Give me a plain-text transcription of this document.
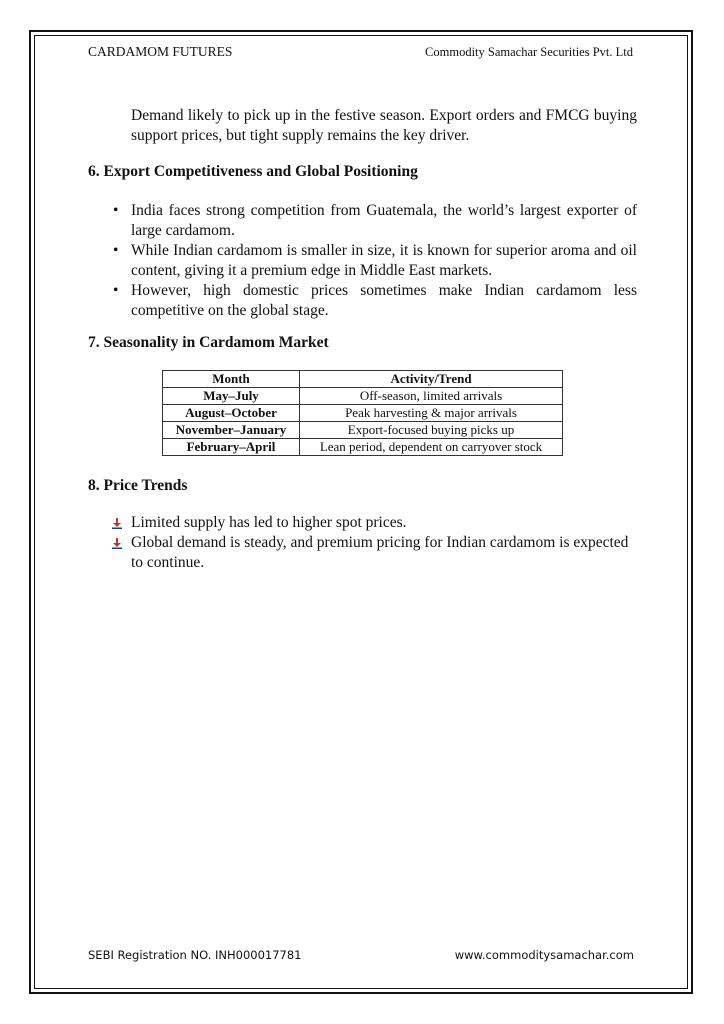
CARDAMOM FUTURES	Commodity Samachar Securities Pvt. Ltd

Demand likely to pick up in the festive season. Export orders and FMCG buying support prices, but tight supply remains the key driver.

6. Export Competitiveness and Global Positioning
• India faces strong competition from Guatemala, the world’s largest exporter of large cardamom.
• While Indian cardamom is smaller in size, it is known for superior aroma and oil content, giving it a premium edge in Middle East markets.
• However, high domestic prices sometimes make Indian cardamom less competitive on the global stage.
7. Seasonality in Cardamom Market
Month	Activity/Trend
May–July	Off-season, limited arrivals
August–October	Peak harvesting & major arrivals
November–January	Export-focused buying picks up
February–April	Lean period, dependent on carryover stock
8. Price Trends
Limited supply has led to higher spot prices.
Global demand is steady, and premium pricing for Indian cardamom is expected to continue.
SEBI Registration NO. INH000017781	www.commoditysamachar.com
